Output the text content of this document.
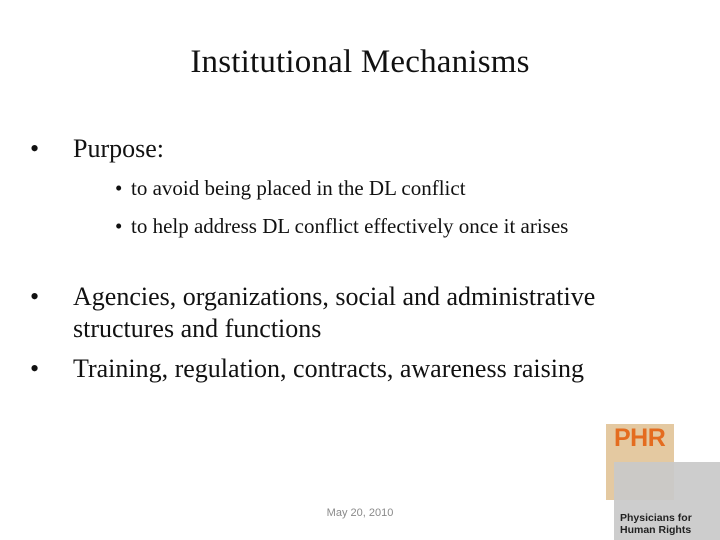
Institutional Mechanisms
•	Purpose:
• to avoid being placed in the DL conflict
• to help address DL conflict effectively once it arises
•	Agencies, organizations, social and administrative structures and functions
•	Training, regulation, contracts, awareness raising
May 20, 2010
PHR
Physicians for Human Rights
